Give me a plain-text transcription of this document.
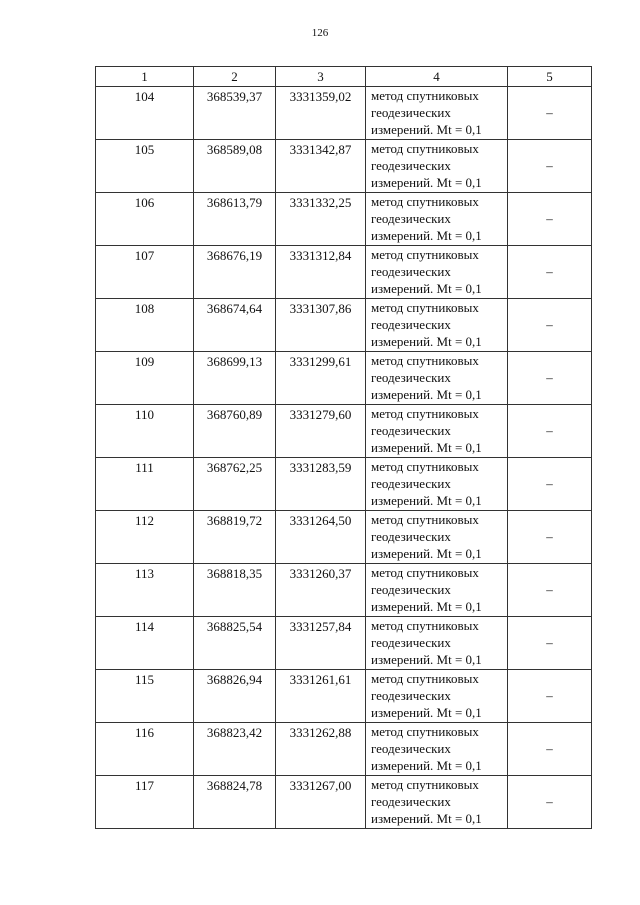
126
1	2	3	4	5
104	368539,37	3331359,02	метод спутниковых
геодезических
измерений. Mt = 0,1	–
105	368589,08	3331342,87	метод спутниковых
геодезических
измерений. Mt = 0,1	–
106	368613,79	3331332,25	метод спутниковых
геодезических
измерений. Mt = 0,1	–
107	368676,19	3331312,84	метод спутниковых
геодезических
измерений. Mt = 0,1	–
108	368674,64	3331307,86	метод спутниковых
геодезических
измерений. Mt = 0,1	–
109	368699,13	3331299,61	метод спутниковых
геодезических
измерений. Mt = 0,1	–
110	368760,89	3331279,60	метод спутниковых
геодезических
измерений. Mt = 0,1	–
111	368762,25	3331283,59	метод спутниковых
геодезических
измерений. Mt = 0,1	–
112	368819,72	3331264,50	метод спутниковых
геодезических
измерений. Mt = 0,1	–
113	368818,35	3331260,37	метод спутниковых
геодезических
измерений. Mt = 0,1	–
114	368825,54	3331257,84	метод спутниковых
геодезических
измерений. Mt = 0,1	–
115	368826,94	3331261,61	метод спутниковых
геодезических
измерений. Mt = 0,1	–
116	368823,42	3331262,88	метод спутниковых
геодезических
измерений. Mt = 0,1	–
117	368824,78	3331267,00	метод спутниковых
геодезических
измерений. Mt = 0,1	–
